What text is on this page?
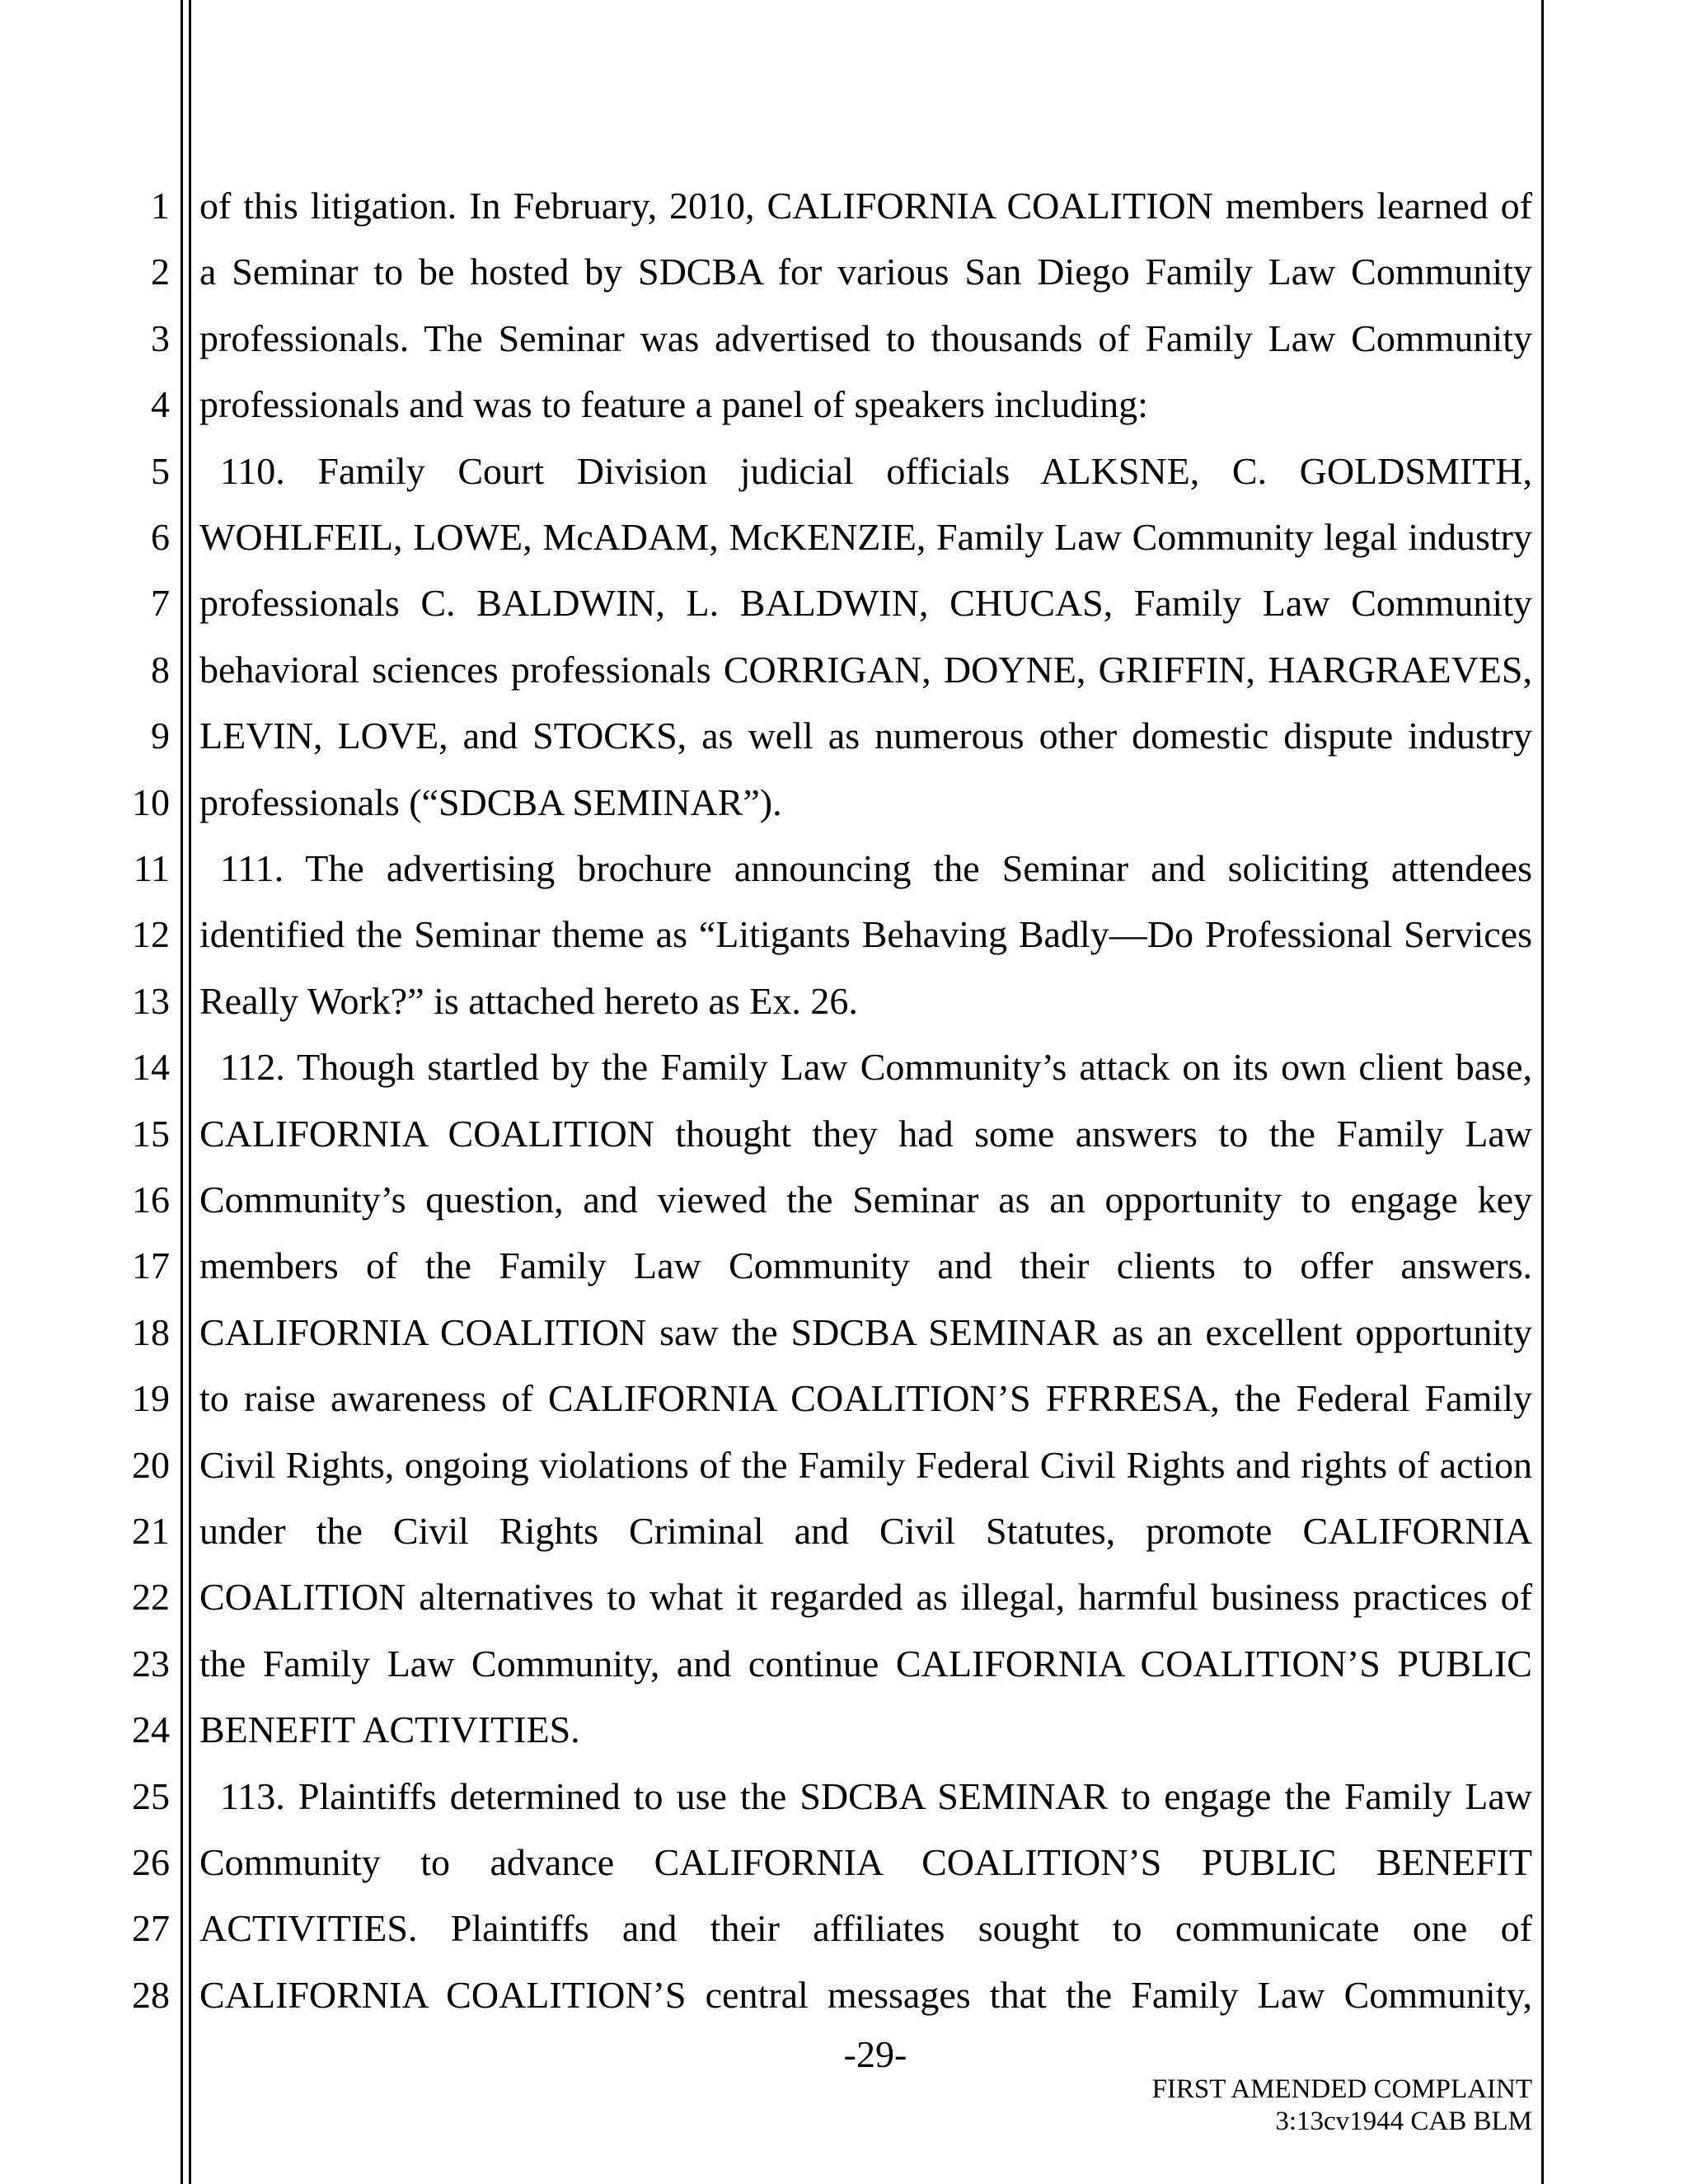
1 of this litigation. In February, 2010, CALIFORNIA COALITION members learned of
2 a Seminar to be hosted by SDCBA for various San Diego Family Law Community
3 professionals. The Seminar was advertised to thousands of Family Law Community
4 professionals and was to feature a panel of speakers including:
5 110. Family Court Division judicial officials ALKSNE, C. GOLDSMITH,
6 WOHLFEIL, LOWE, McADAM, McKENZIE, Family Law Community legal industry
7 professionals C. BALDWIN, L. BALDWIN, CHUCAS, Family Law Community
8 behavioral sciences professionals CORRIGAN, DOYNE, GRIFFIN, HARGRAEVES,
9 LEVIN, LOVE, and STOCKS, as well as numerous other domestic dispute industry
10 professionals (“SDCBA SEMINAR”).
11 111. The advertising brochure announcing the Seminar and soliciting attendees
12 identified the Seminar theme as “Litigants Behaving Badly—Do Professional Services
13 Really Work?” is attached hereto as Ex. 26.
14 112. Though startled by the Family Law Community’s attack on its own client base,
15 CALIFORNIA COALITION thought they had some answers to the Family Law
16 Community’s question, and viewed the Seminar as an opportunity to engage key
17 members of the Family Law Community and their clients to offer answers.
18 CALIFORNIA COALITION saw the SDCBA SEMINAR as an excellent opportunity
19 to raise awareness of CALIFORNIA COALITION’S FFRRESA, the Federal Family
20 Civil Rights, ongoing violations of the Family Federal Civil Rights and rights of action
21 under the Civil Rights Criminal and Civil Statutes, promote CALIFORNIA
22 COALITION alternatives to what it regarded as illegal, harmful business practices of
23 the Family Law Community, and continue CALIFORNIA COALITION’S PUBLIC
24 BENEFIT ACTIVITIES.
25 113. Plaintiffs determined to use the SDCBA SEMINAR to engage the Family Law
26 Community to advance CALIFORNIA COALITION’S PUBLIC BENEFIT
27 ACTIVITIES. Plaintiffs and their affiliates sought to communicate one of
28 CALIFORNIA COALITION’S central messages that the Family Law Community,
-29-
FIRST AMENDED COMPLAINT
3:13cv1944 CAB BLM
